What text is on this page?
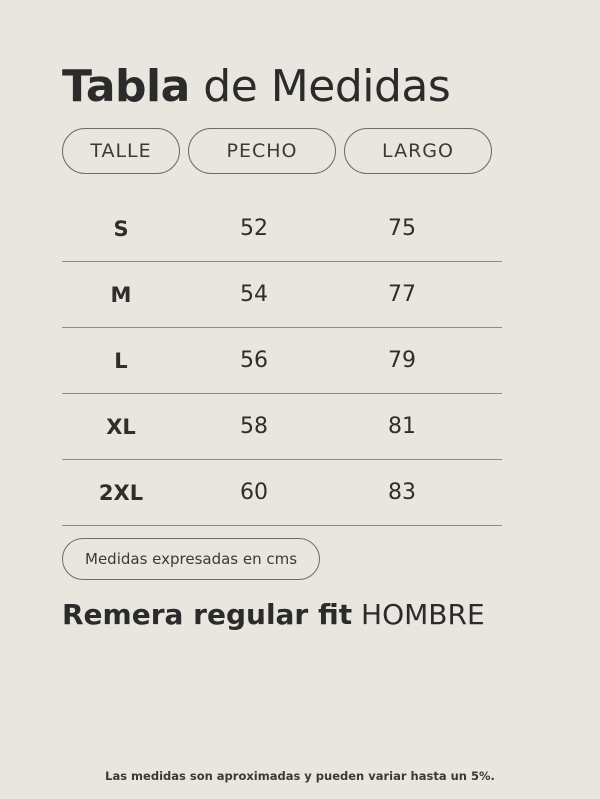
Tabla de Medidas
TALLE	PECHO	LARGO
S	52	75
M	54	77
L	56	79
XL	58	81
2XL	60	83
Medidas expresadas en cms
Remera regular fit HOMBRE
Las medidas son aproximadas y pueden variar hasta un 5%.
